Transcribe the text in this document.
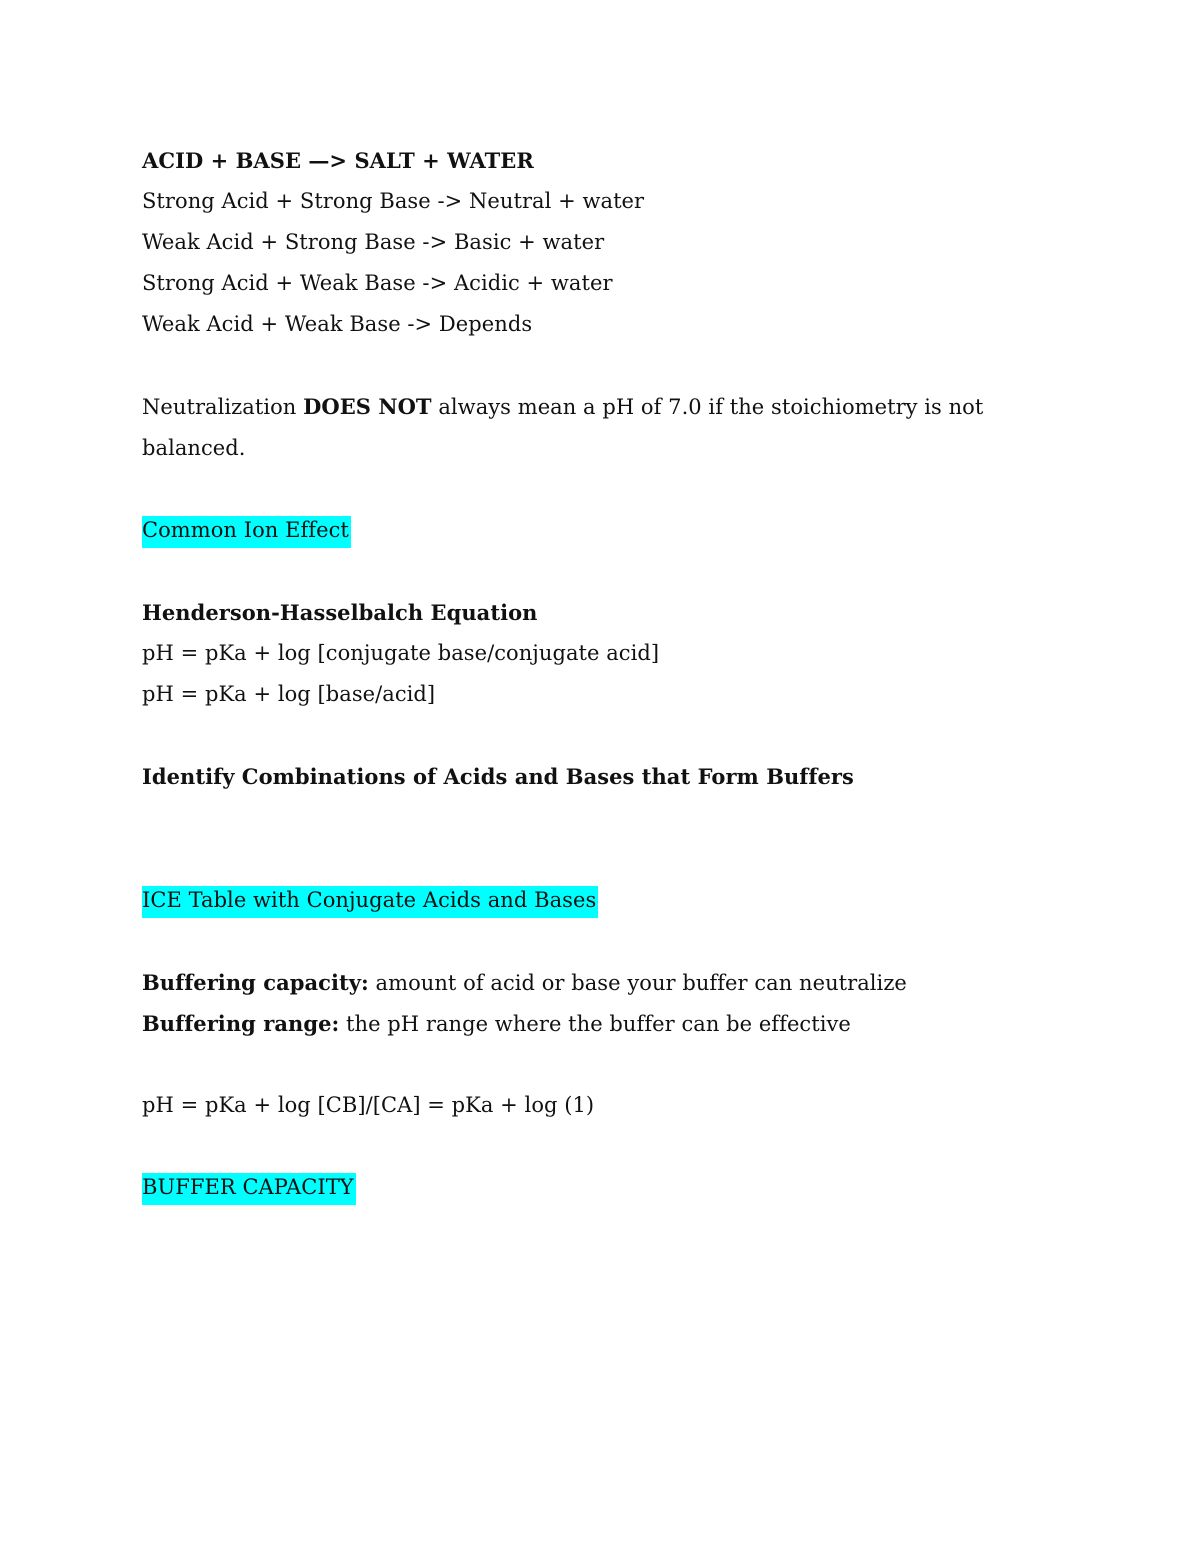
ACID + BASE —> SALT + WATER
Strong Acid + Strong Base -> Neutral + water
Weak Acid + Strong Base -> Basic + water
Strong Acid + Weak Base -> Acidic + water
Weak Acid + Weak Base -> Depends
Neutralization DOES NOT always mean a pH of 7.0 if the stoichiometry is not balanced.
Common Ion Effect
Henderson-Hasselbalch Equation
pH = pKa + log [conjugate base/conjugate acid]
pH = pKa + log [base/acid]
Identify Combinations of Acids and Bases that Form Buffers
ICE Table with Conjugate Acids and Bases
Buffering capacity: amount of acid or base your buffer can neutralize
Buffering range: the pH range where the buffer can be effective
pH = pKa + log [CB]/[CA] = pKa + log (1)
BUFFER CAPACITY
